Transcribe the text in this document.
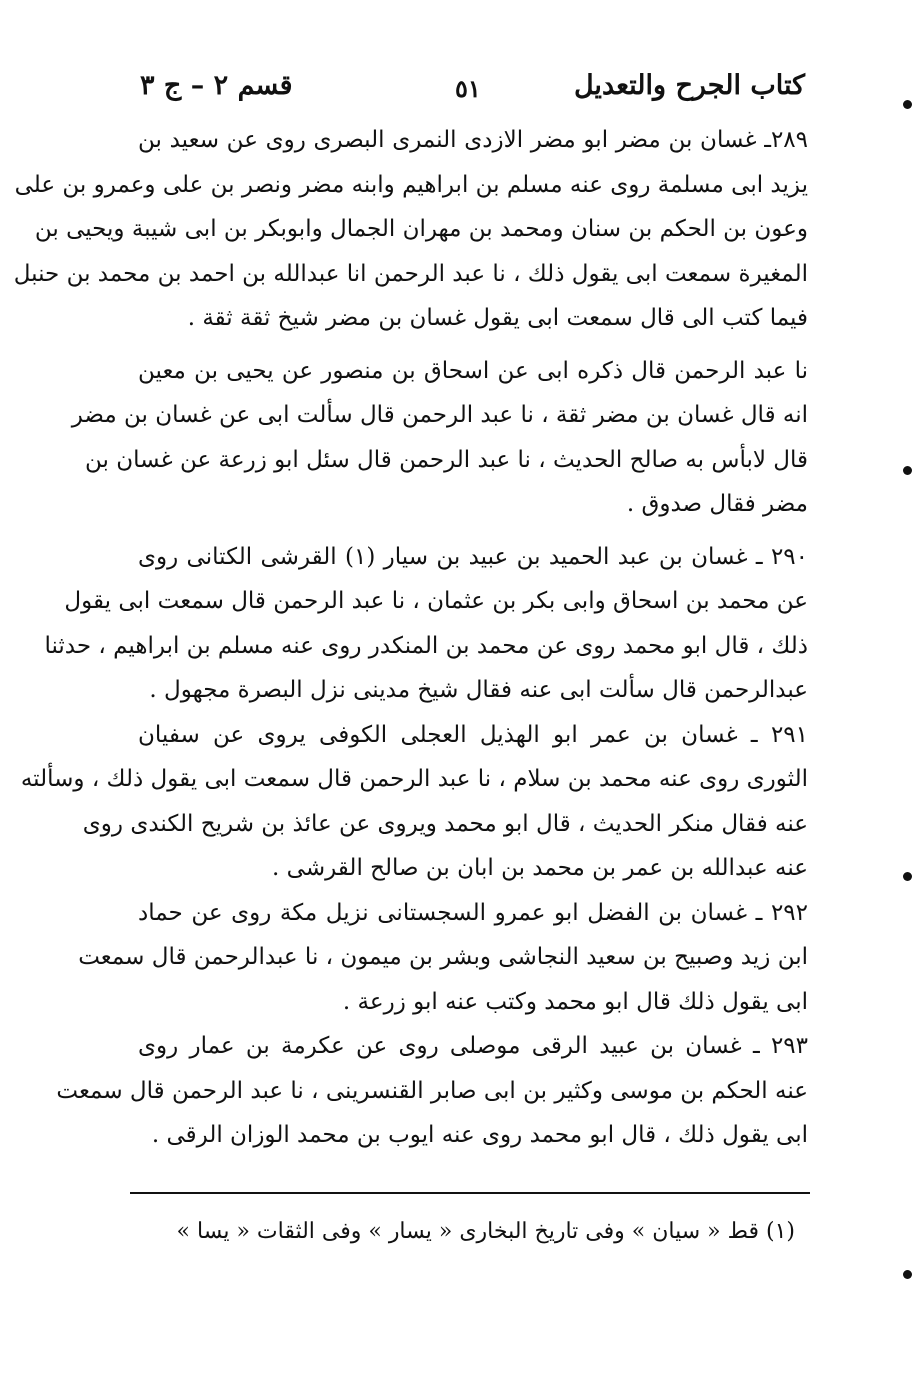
كتاب الجرح والتعديل
٥١
قسم ٢ – ج ٣
٢٨٩ـ غسان بن مضر ابو مضر الازدى النمرى البصرى روى عن سعيد بن
يزيد ابى مسلمة روى عنه مسلم بن ابراهيم وابنه مضر ونصر بن على وعمرو بن على
وعون بن الحكم بن سنان ومحمد بن مهران الجمال وابوبكر بن ابى شيبة ويحيى بن
المغيرة سمعت ابى يقول ذلك ، نا عبد الرحمن انا عبدالله بن احمد بن محمد بن حنبل
فيما كتب الى قال سمعت ابى يقول غسان بن مضر شيخ ثقة ثقة .
نا عبد الرحمن قال ذكره ابى عن اسحاق بن منصور عن يحيى بن معين
انه قال غسان بن مضر ثقة ، نا عبد الرحمن قال سألت ابى عن غسان بن مضر
قال لابأس به صالح الحديث ، نا عبد الرحمن قال سئل ابو زرعة عن غسان بن
مضر فقال صدوق .
٢٩٠ ـ غسان بن عبد الحميد بن عبيد بن سيار (١) القرشى الكتانى روى
عن محمد بن اسحاق وابى بكر بن عثمان ، نا عبد الرحمن قال سمعت ابى يقول
ذلك ، قال ابو محمد روى عن محمد بن المنكدر روى عنه مسلم بن ابراهيم ، حدثنا
عبدالرحمن قال سألت ابى عنه فقال شيخ مدينى نزل البصرة مجهول .
٢٩١ ـ غسان بن عمر ابو الهذيل العجلى الكوفى يروى عن سفيان
الثورى روى عنه محمد بن سلام ، نا عبد الرحمن قال سمعت ابى يقول ذلك ، وسألته
عنه فقال منكر الحديث ، قال ابو محمد ويروى عن عائذ بن شريح الكندى روى
عنه عبدالله بن عمر بن محمد بن ابان بن صالح القرشى .
٢٩٢ ـ غسان بن الفضل ابو عمرو السجستانى نزيل مكة روى عن حماد
ابن زيد وصبيح بن سعيد النجاشى وبشر بن ميمون ، نا عبدالرحمن قال سمعت
ابى يقول ذلك قال ابو محمد وكتب عنه ابو زرعة .
٢٩٣ ـ غسان بن عبيد الرقى موصلى روى عن عكرمة بن عمار روى
عنه الحكم بن موسى وكثير بن ابى صابر القنسرينى ، نا عبد الرحمن قال سمعت
ابى يقول ذلك ، قال ابو محمد روى عنه ايوب بن محمد الوزان الرقى .
(١) قط « سيان » وفى تاريخ البخارى « يسار » وفى الثقات « يسا »
